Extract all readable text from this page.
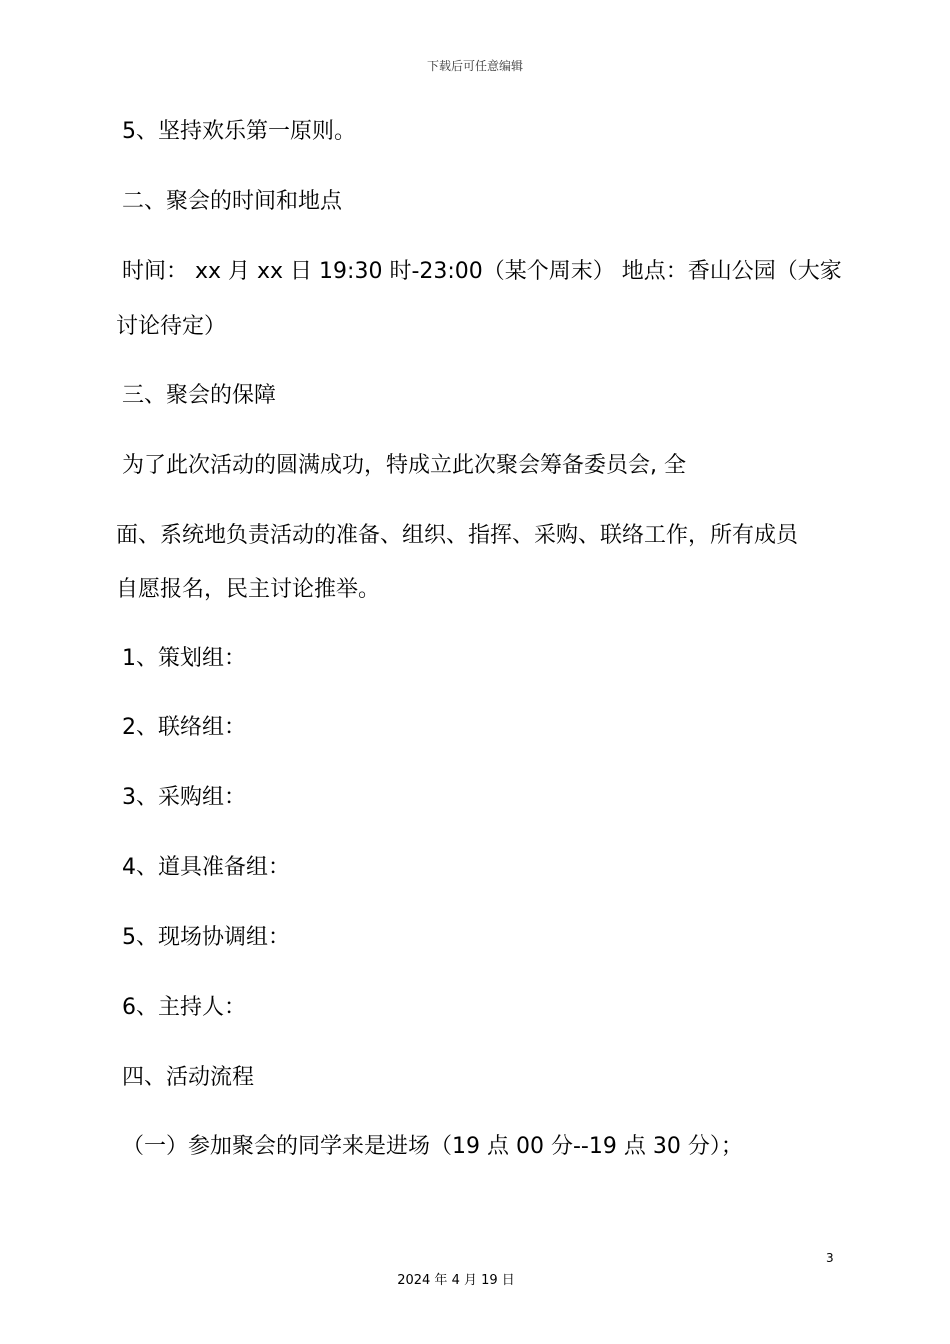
下载后可任意编辑
5、坚持欢乐第一原则。
二、聚会的时间和地点
时间： xx 月 xx 日 19:30 时-23:00（某个周末） 地点：香山公园（大家
讨论待定）
三、聚会的保障
为了此次活动的圆满成功，特成立此次聚会筹备委员会, 全
面、系统地负责活动的准备、组织、指挥、采购、联络工作，所有成员
自愿报名，民主讨论推举。
1、策划组：
2、联络组：
3、采购组：
4、道具准备组：
5、现场协调组：
6、主持人：
四、活动流程
（一）参加聚会的同学来是进场（19 点 00 分--19 点 30 分）；
3
2024 年 4 月 19 日
